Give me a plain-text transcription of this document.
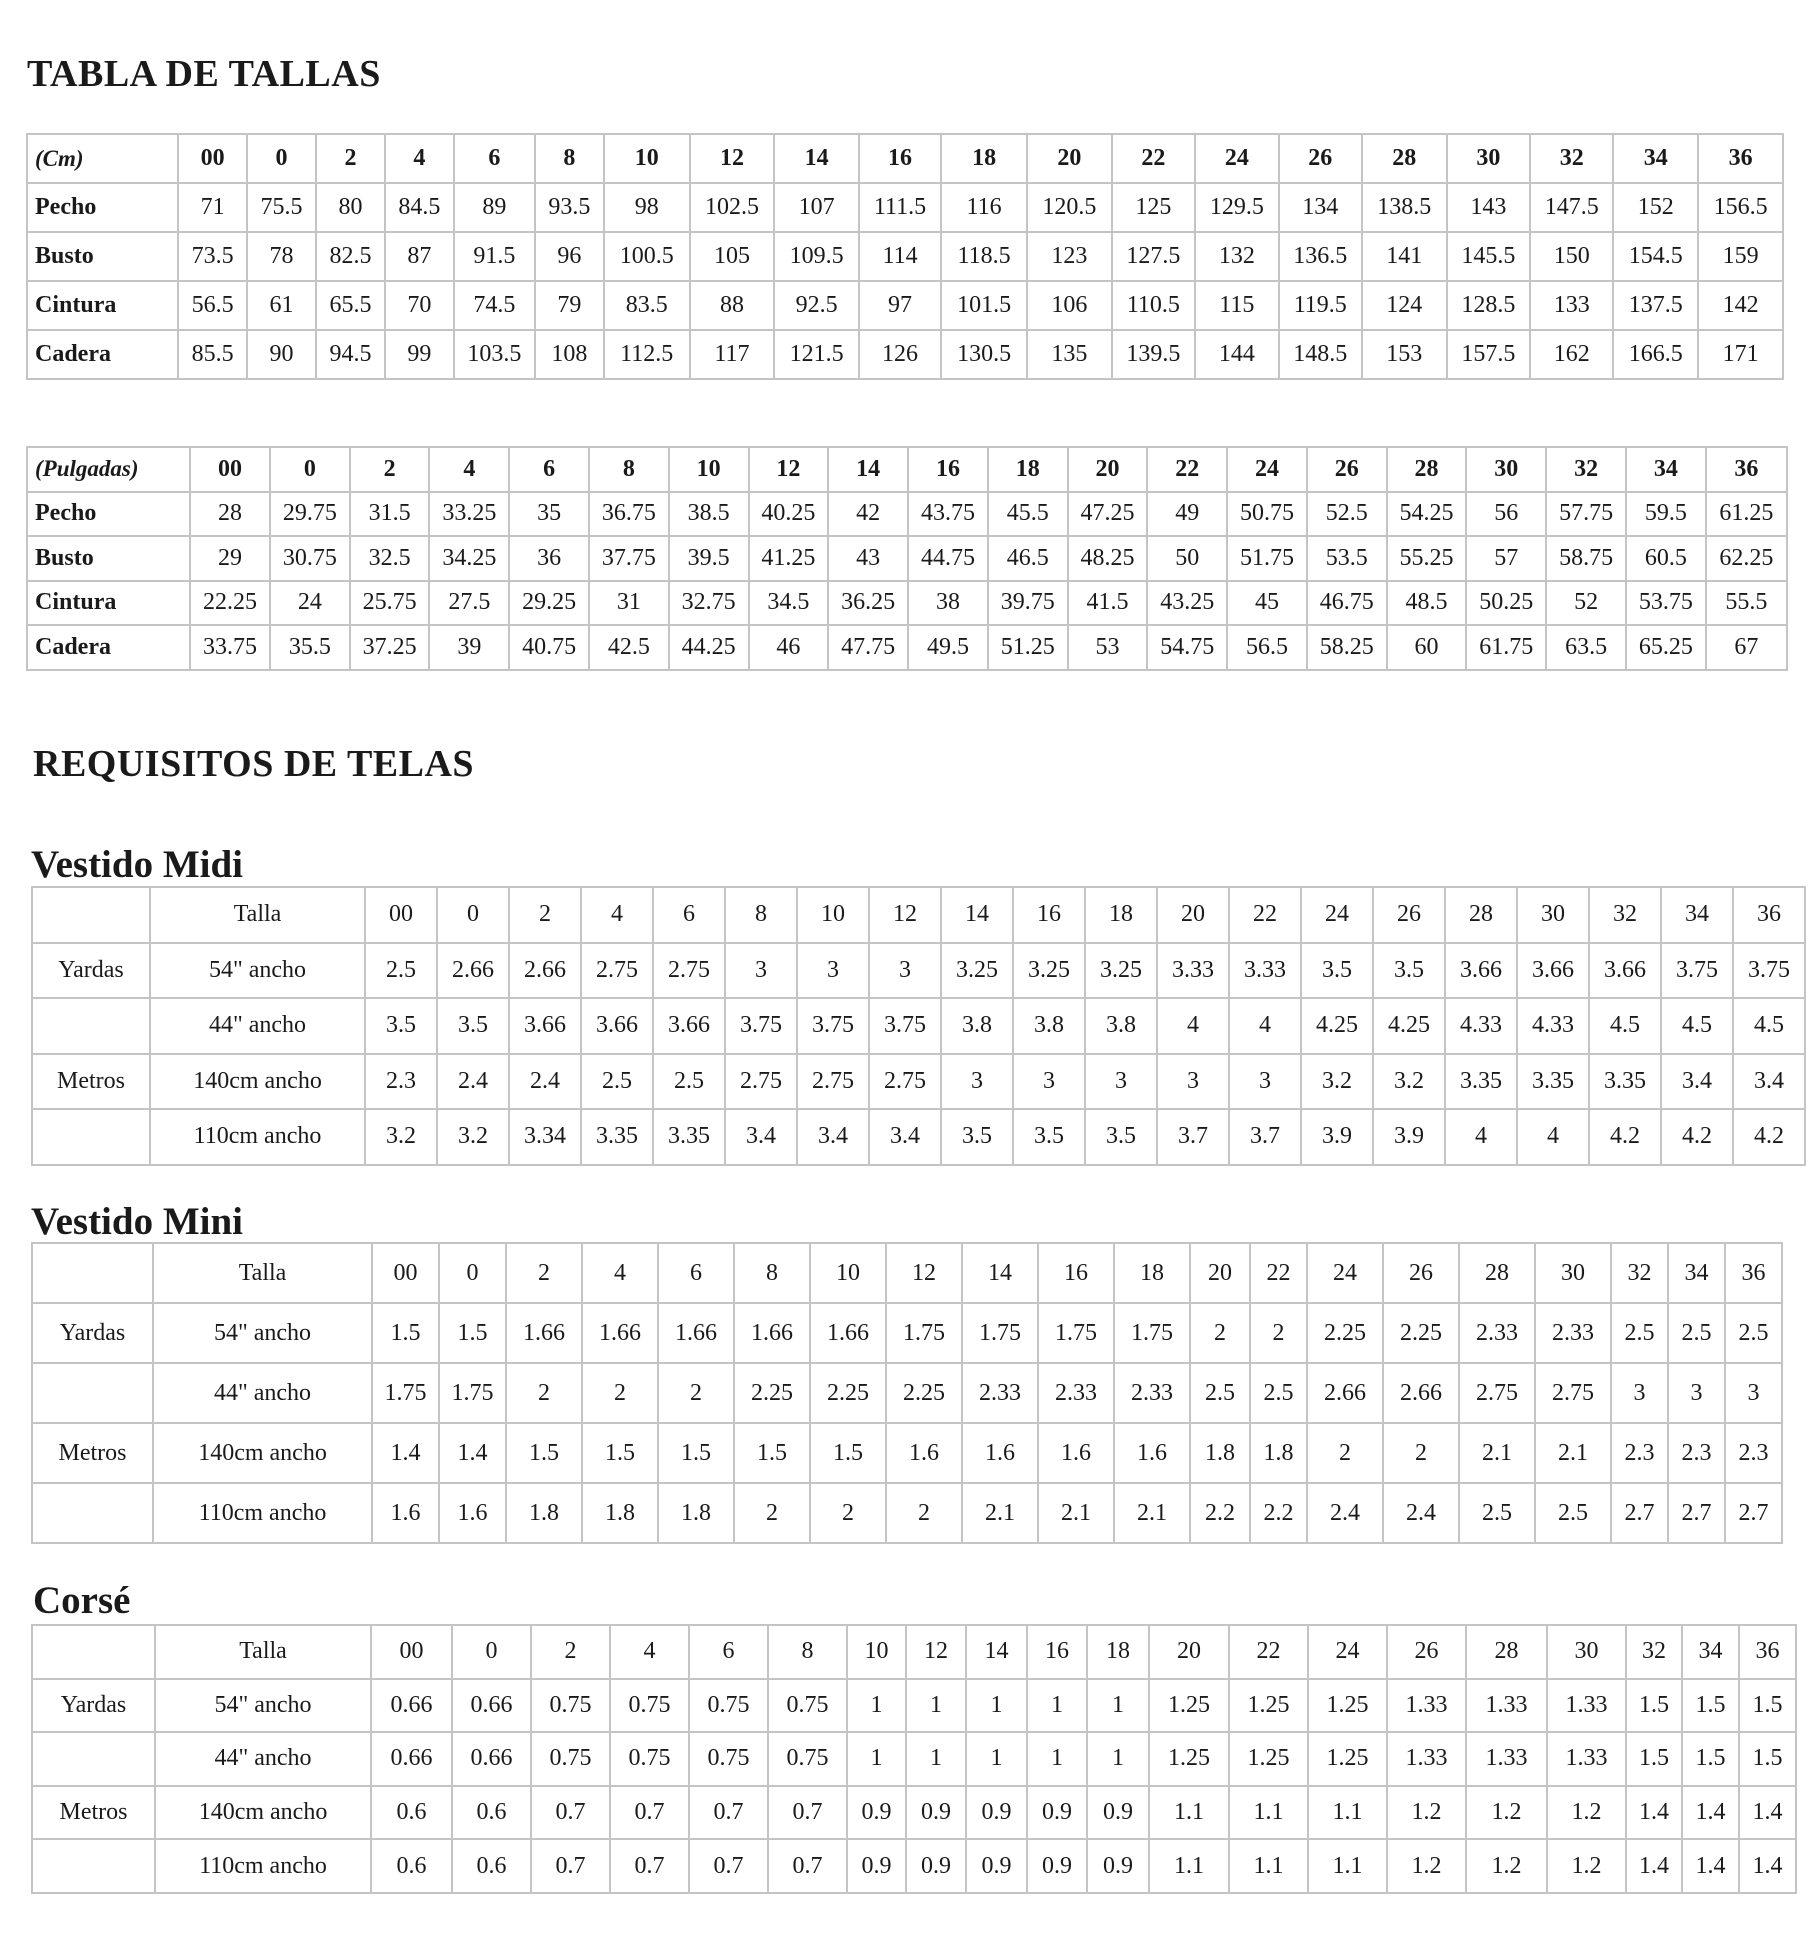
TABLA DE TALLAS
(Cm)	00	0	2	4	6	8	10	12	14	16	18	20	22	24	26	28	30	32	34	36
Pecho	71	75.5	80	84.5	89	93.5	98	102.5	107	111.5	116	120.5	125	129.5	134	138.5	143	147.5	152	156.5
Busto	73.5	78	82.5	87	91.5	96	100.5	105	109.5	114	118.5	123	127.5	132	136.5	141	145.5	150	154.5	159
Cintura	56.5	61	65.5	70	74.5	79	83.5	88	92.5	97	101.5	106	110.5	115	119.5	124	128.5	133	137.5	142
Cadera	85.5	90	94.5	99	103.5	108	112.5	117	121.5	126	130.5	135	139.5	144	148.5	153	157.5	162	166.5	171
(Pulgadas)	00	0	2	4	6	8	10	12	14	16	18	20	22	24	26	28	30	32	34	36
Pecho	28	29.75	31.5	33.25	35	36.75	38.5	40.25	42	43.75	45.5	47.25	49	50.75	52.5	54.25	56	57.75	59.5	61.25
Busto	29	30.75	32.5	34.25	36	37.75	39.5	41.25	43	44.75	46.5	48.25	50	51.75	53.5	55.25	57	58.75	60.5	62.25
Cintura	22.25	24	25.75	27.5	29.25	31	32.75	34.5	36.25	38	39.75	41.5	43.25	45	46.75	48.5	50.25	52	53.75	55.5
Cadera	33.75	35.5	37.25	39	40.75	42.5	44.25	46	47.75	49.5	51.25	53	54.75	56.5	58.25	60	61.75	63.5	65.25	67
REQUISITOS DE TELAS
Vestido Midi
	Talla	00	0	2	4	6	8	10	12	14	16	18	20	22	24	26	28	30	32	34	36
Yardas	54" ancho	2.5	2.66	2.66	2.75	2.75	3	3	3	3.25	3.25	3.25	3.33	3.33	3.5	3.5	3.66	3.66	3.66	3.75	3.75
	44" ancho	3.5	3.5	3.66	3.66	3.66	3.75	3.75	3.75	3.8	3.8	3.8	4	4	4.25	4.25	4.33	4.33	4.5	4.5	4.5
Metros	140cm ancho	2.3	2.4	2.4	2.5	2.5	2.75	2.75	2.75	3	3	3	3	3	3.2	3.2	3.35	3.35	3.35	3.4	3.4
	110cm ancho	3.2	3.2	3.34	3.35	3.35	3.4	3.4	3.4	3.5	3.5	3.5	3.7	3.7	3.9	3.9	4	4	4.2	4.2	4.2
Vestido Mini
	Talla	00	0	2	4	6	8	10	12	14	16	18	20	22	24	26	28	30	32	34	36
Yardas	54" ancho	1.5	1.5	1.66	1.66	1.66	1.66	1.66	1.75	1.75	1.75	1.75	2	2	2.25	2.25	2.33	2.33	2.5	2.5	2.5
	44" ancho	1.75	1.75	2	2	2	2.25	2.25	2.25	2.33	2.33	2.33	2.5	2.5	2.66	2.66	2.75	2.75	3	3	3
Metros	140cm ancho	1.4	1.4	1.5	1.5	1.5	1.5	1.5	1.6	1.6	1.6	1.6	1.8	1.8	2	2	2.1	2.1	2.3	2.3	2.3
	110cm ancho	1.6	1.6	1.8	1.8	1.8	2	2	2	2.1	2.1	2.1	2.2	2.2	2.4	2.4	2.5	2.5	2.7	2.7	2.7
Corsé
	Talla	00	0	2	4	6	8	10	12	14	16	18	20	22	24	26	28	30	32	34	36
Yardas	54" ancho	0.66	0.66	0.75	0.75	0.75	0.75	1	1	1	1	1	1.25	1.25	1.25	1.33	1.33	1.33	1.5	1.5	1.5
	44" ancho	0.66	0.66	0.75	0.75	0.75	0.75	1	1	1	1	1	1.25	1.25	1.25	1.33	1.33	1.33	1.5	1.5	1.5
Metros	140cm ancho	0.6	0.6	0.7	0.7	0.7	0.7	0.9	0.9	0.9	0.9	0.9	1.1	1.1	1.1	1.2	1.2	1.2	1.4	1.4	1.4
	110cm ancho	0.6	0.6	0.7	0.7	0.7	0.7	0.9	0.9	0.9	0.9	0.9	1.1	1.1	1.1	1.2	1.2	1.2	1.4	1.4	1.4
